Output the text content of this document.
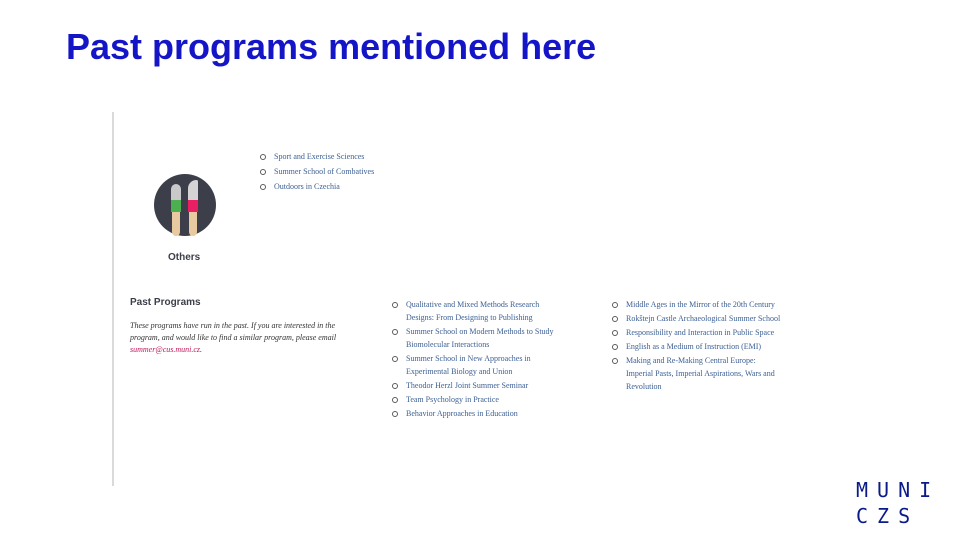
Past programs mentioned here
Others
Sport and Exercise Sciences
Summer School of Combatives
Outdoors in Czechia
Past Programs
These programs have run in the past. If you are interested in the program, and would like to find a similar program, please email summer@cus.muni.cz.
Qualitative and Mixed Methods Research Designs: From Designing to Publishing
Summer School on Modern Methods to Study Biomolecular Interactions
Summer School in New Approaches in Experimental Biology and Union
Theodor Herzl Joint Summer Seminar
Team Psychology in Practice
Behavior Approaches in Education
Middle Ages in the Mirror of the 20th Century
Rokštejn Castle Archaeological Summer School
Responsibility and Interaction in Public Space
English as a Medium of Instruction (EMI)
Making and Re-Making Central Europe: Imperial Pasts, Imperial Aspirations, Wars and Revolution
MUNI
CZS
